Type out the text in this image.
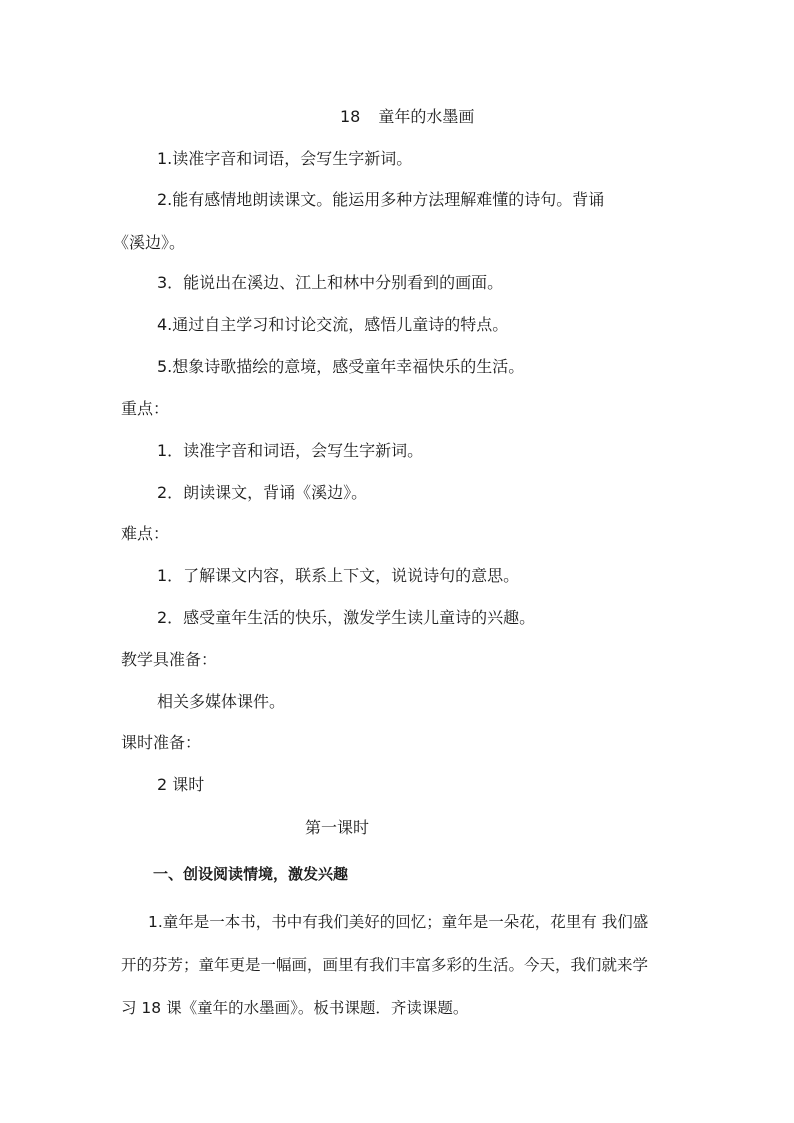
18 童年的水墨画
1.读准字音和词语，会写生字新词。
2.能有感情地朗读课文。能运用多种方法理解难懂的诗句。背诵
《溪边》。
3．能说出在溪边、江上和林中分别看到的画面。
4.通过自主学习和讨论交流，感悟儿童诗的特点。
5.想象诗歌描绘的意境，感受童年幸福快乐的生活。
重点：
1．读准字音和词语，会写生字新词。
2．朗读课文，背诵《溪边》。
难点：
1．了解课文内容，联系上下文，说说诗句的意思。
2．感受童年生活的快乐，激发学生读儿童诗的兴趣。
教学具准备：
相关多媒体课件。
课时准备：
2 课时
第一课时
一、创设阅读情境，激发兴趣
1.童年是一本书，书中有我们美好的回忆；童年是一朵花，花里有 我们盛
开的芬芳；童年更是一幅画，画里有我们丰富多彩的生活。今天，我们就来学
习 18 课《童年的水墨画》。板书课题．齐读课题。
